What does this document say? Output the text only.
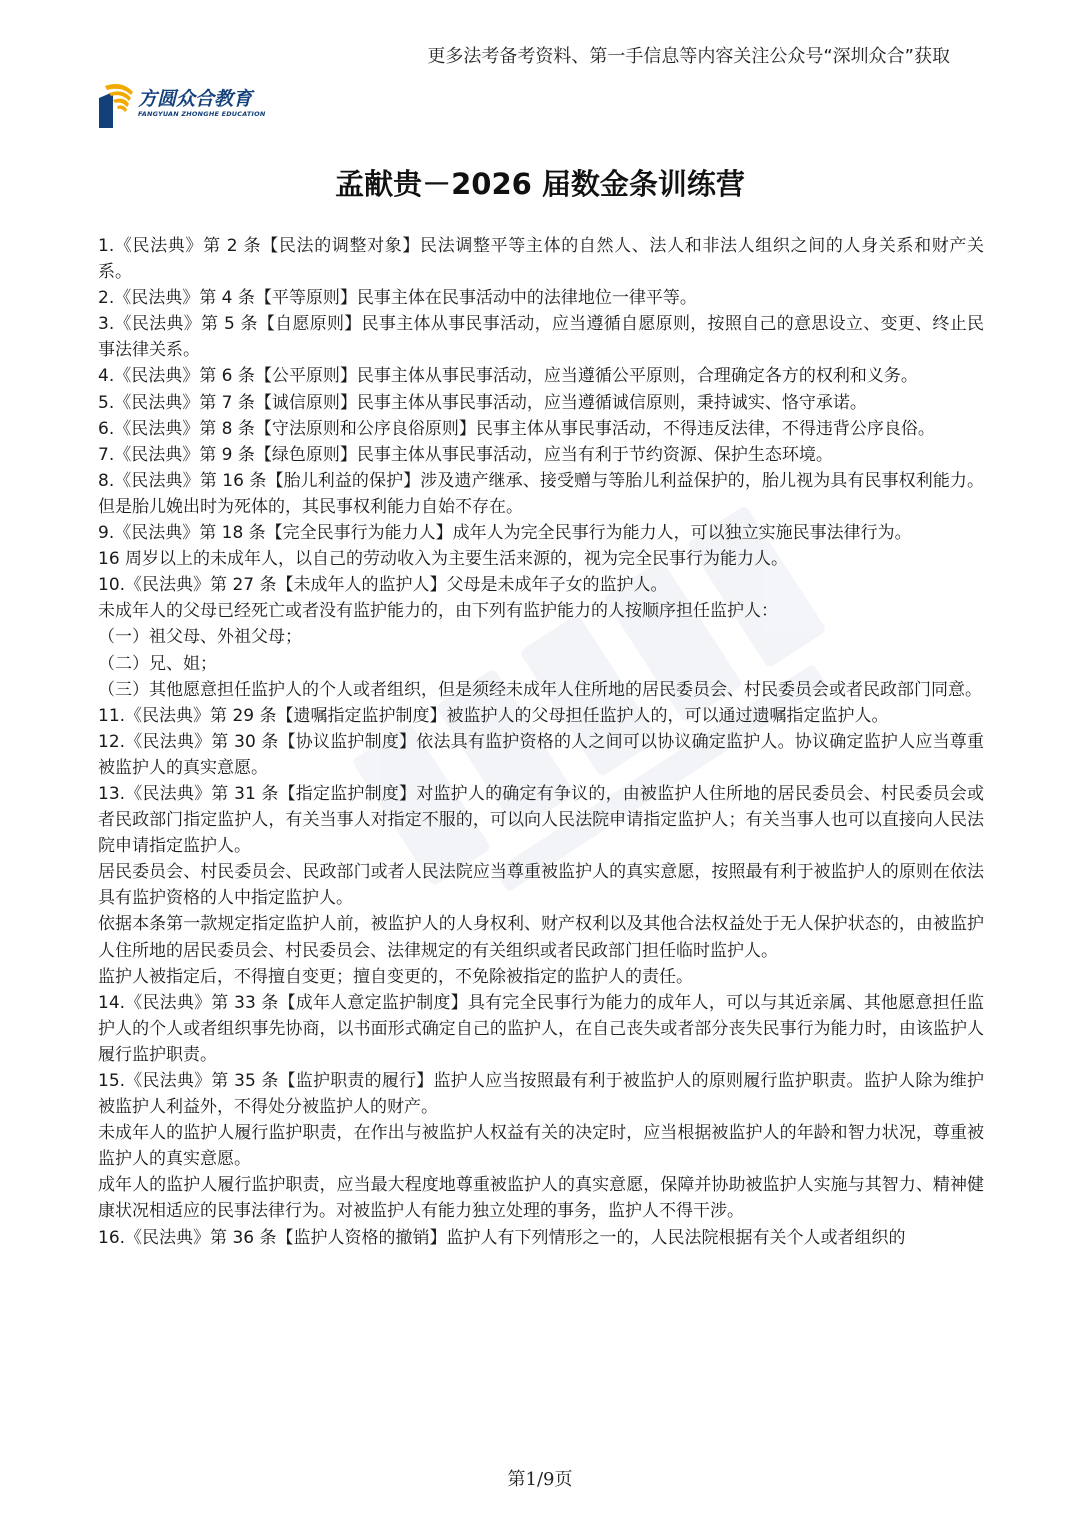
更多法考备考资料、第一手信息等内容关注公众号“深圳众合”获取
方圆众合教育
FANGYUAN ZHONGHE EDUCATION
孟献贵－2026 届数金条训练营

1.《民法典》第 2 条【民法的调整对象】民法调整平等主体的自然人、法人和非法人组织之间的人身关系和财产关系。

2.《民法典》第 4 条【平等原则】民事主体在民事活动中的法律地位一律平等。

3.《民法典》第 5 条【自愿原则】民事主体从事民事活动，应当遵循自愿原则，按照自己的意思设立、变更、终止民事法律关系。

4.《民法典》第 6 条【公平原则】民事主体从事民事活动，应当遵循公平原则，合理确定各方的权利和义务。

5.《民法典》第 7 条【诚信原则】民事主体从事民事活动，应当遵循诚信原则，秉持诚实、恪守承诺。

6.《民法典》第 8 条【守法原则和公序良俗原则】民事主体从事民事活动，不得违反法律，不得违背公序良俗。

7.《民法典》第 9 条【绿色原则】民事主体从事民事活动，应当有利于节约资源、保护生态环境。

8.《民法典》第 16 条【胎儿利益的保护】涉及遗产继承、接受赠与等胎儿利益保护的，胎儿视为具有民事权利能力。但是胎儿娩出时为死体的，其民事权利能力自始不存在。

9.《民法典》第 18 条【完全民事行为能力人】成年人为完全民事行为能力人，可以独立实施民事法律行为。

16 周岁以上的未成年人，以自己的劳动收入为主要生活来源的，视为完全民事行为能力人。

10.《民法典》第 27 条【未成年人的监护人】父母是未成年子女的监护人。

未成年人的父母已经死亡或者没有监护能力的，由下列有监护能力的人按顺序担任监护人：

（一）祖父母、外祖父母；

（二）兄、姐；

（三）其他愿意担任监护人的个人或者组织，但是须经未成年人住所地的居民委员会、村民委员会或者民政部门同意。

11.《民法典》第 29 条【遗嘱指定监护制度】被监护人的父母担任监护人的，可以通过遗嘱指定监护人。

12.《民法典》第 30 条【协议监护制度】依法具有监护资格的人之间可以协议确定监护人。协议确定监护人应当尊重被监护人的真实意愿。

13.《民法典》第 31 条【指定监护制度】对监护人的确定有争议的，由被监护人住所地的居民委员会、村民委员会或者民政部门指定监护人，有关当事人对指定不服的，可以向人民法院申请指定监护人；有关当事人也可以直接向人民法院申请指定监护人。

居民委员会、村民委员会、民政部门或者人民法院应当尊重被监护人的真实意愿，按照最有利于被监护人的原则在依法具有监护资格的人中指定监护人。

依据本条第一款规定指定监护人前，被监护人的人身权利、财产权利以及其他合法权益处于无人保护状态的，由被监护人住所地的居民委员会、村民委员会、法律规定的有关组织或者民政部门担任临时监护人。

监护人被指定后，不得擅自变更；擅自变更的，不免除被指定的监护人的责任。

14.《民法典》第 33 条【成年人意定监护制度】具有完全民事行为能力的成年人，可以与其近亲属、其他愿意担任监护人的个人或者组织事先协商，以书面形式确定自己的监护人，在自己丧失或者部分丧失民事行为能力时，由该监护人履行监护职责。

15.《民法典》第 35 条【监护职责的履行】监护人应当按照最有利于被监护人的原则履行监护职责。监护人除为维护被监护人利益外，不得处分被监护人的财产。

未成年人的监护人履行监护职责，在作出与被监护人权益有关的决定时，应当根据被监护人的年龄和智力状况，尊重被监护人的真实意愿。

成年人的监护人履行监护职责，应当最大程度地尊重被监护人的真实意愿，保障并协助被监护人实施与其智力、精神健康状况相适应的民事法律行为。对被监护人有能力独立处理的事务，监护人不得干涉。

16.《民法典》第 36 条【监护人资格的撤销】监护人有下列情形之一的，人民法院根据有关个人或者组织的

第1/9页
